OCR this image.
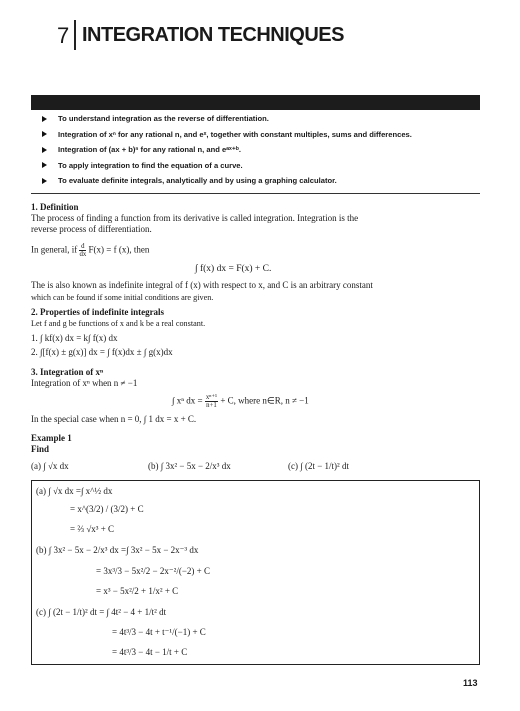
7 INTEGRATION TECHNIQUES
To understand integration as the reverse of differentiation.
Integration of xⁿ for any rational n, and eˣ, together with constant multiples, sums and differences.
Integration of (ax + b)ⁿ for any rational n, and eᵃˣ⁺ᵇ.
To apply integration to find the equation of a curve.
To evaluate definite integrals, analytically and by using a graphing calculator.
1. Definition
The process of finding a function from its derivative is called integration. Integration is the
reverse process of differentiation.
In general, if $\frac{d}{dx} F(x) = f$ (x), then
∫ f(x) dx = F(x) + C.
The is also known as indefinite integral of f (x) with respect to x, and C is an arbitrary constant
which can be found if some initial conditions are given.
2. Properties of indefinite integrals
Let f and g be functions of x and k be a real constant.
1. ∫ kf(x) dx = k∫ f(x) dx
2. ∫[f(x) ± g(x)] dx = ∫ f(x)dx ± ∫ g(x)dx
3. Integration of xⁿ
Integration of xⁿ when n ≠ −1
∫ xⁿ dx = $\frac{\text{xⁿ⁺¹}}{n+1} + C$, where n∈R, n ≠ −1
In the special case when n = 0, ∫ 1 dx = x + C.
Example 1
Find
(a) ∫ √x dx	(b) ∫ 3x² − 5x − 2/x³ dx	(c) ∫ (2t − 1/t)² dt
(a) ∫ √x dx =∫ x^½ dx
= x^(3/2) / (3/2) + C
= ⅔ √x³ + C
(b) ∫ 3x² − 5x − 2/x³ dx =∫ 3x² − 5x − 2x⁻³ dx
= 3x³/3 − 5x²/2 − 2x⁻²/(−2) + C
= x³ − 5x²/2 + 1/x² + C
(c) ∫ (2t − 1/t)² dt = ∫ 4t² − 4 + 1/t² dt
= 4t³/3 − 4t + t⁻¹/(−1) + C
= 4t³/3 − 4t − 1/t + C
113
